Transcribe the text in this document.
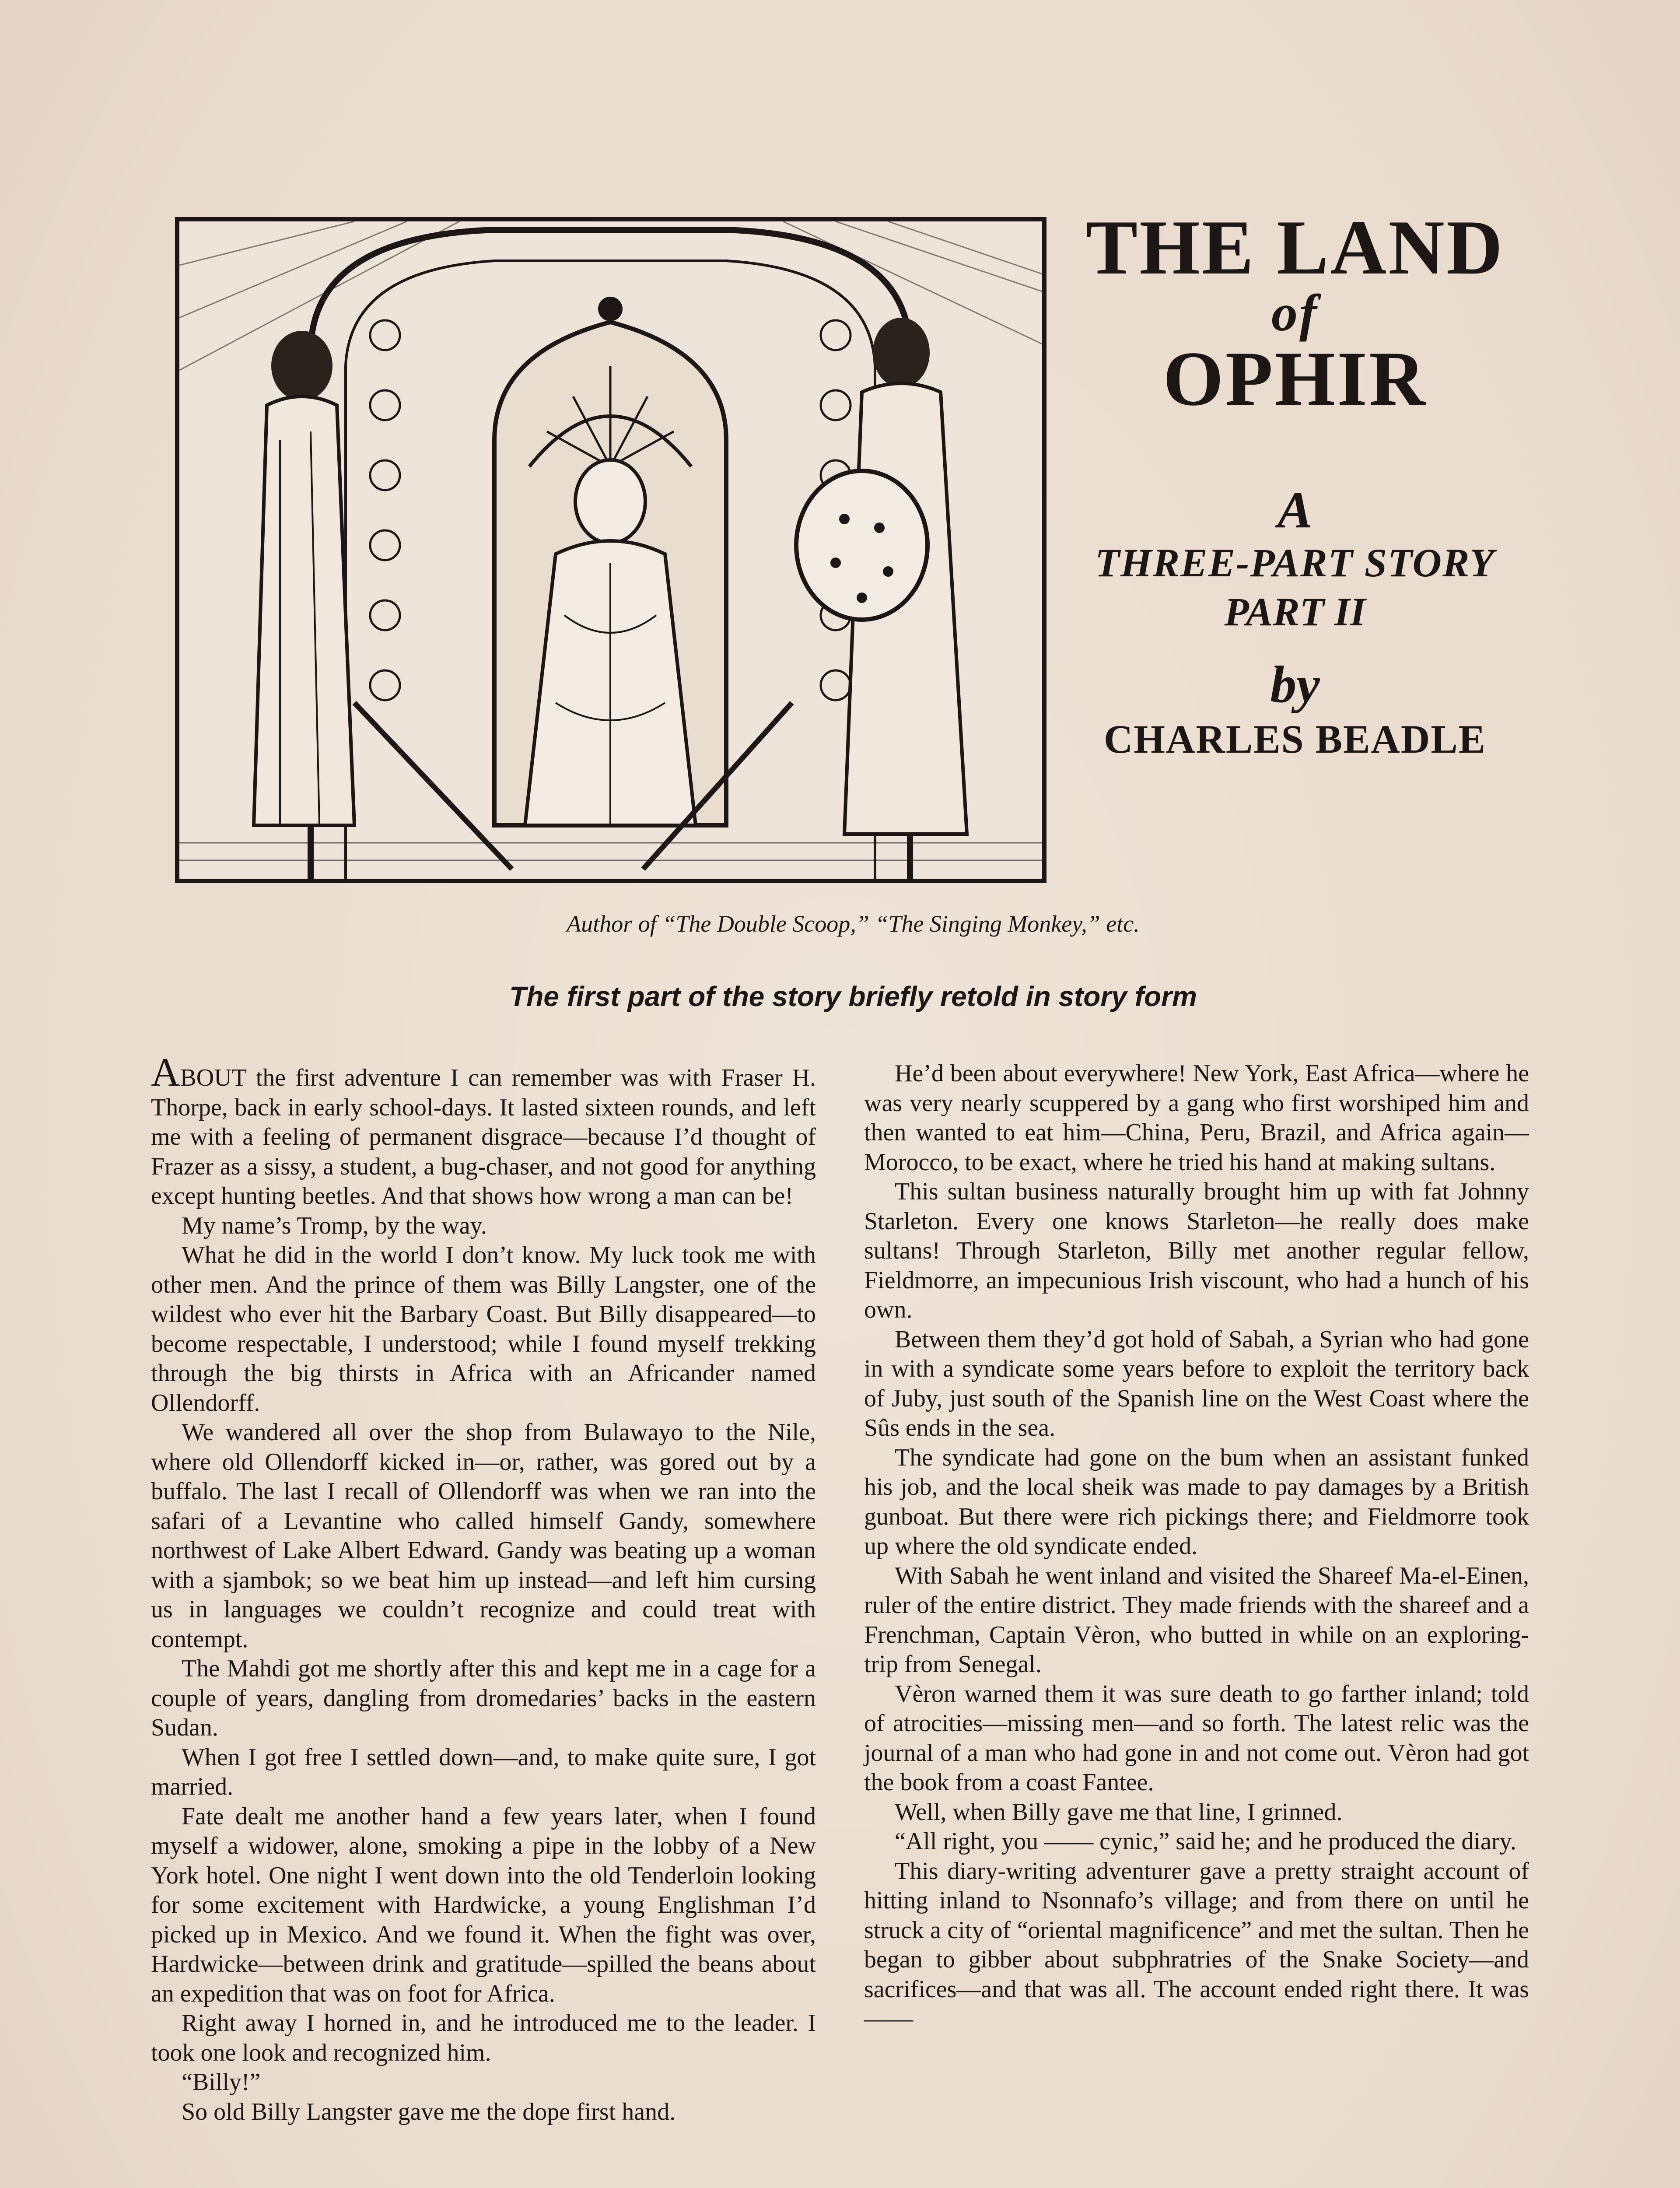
THE LAND
of
OPHIR
A
THREE-PART STORY
PART II
by
CHARLES BEADLE
Author of “The Double Scoop,” “The Singing Monkey,” etc.
The first part of the story briefly retold in story form

ABOUT the first adventure I can remember was with Fraser H. Thorpe, back in early school-days. It lasted sixteen rounds, and left me with a feeling of permanent disgrace—because I’d thought of Frazer as a sissy, a student, a bug-chaser, and not good for anything except hunting beetles. And that shows how wrong a man can be!

My name’s Tromp, by the way.

What he did in the world I don’t know. My luck took me with other men. And the prince of them was Billy Langster, one of the wildest who ever hit the Barbary Coast. But Billy disappeared—to become respectable, I understood; while I found myself trekking through the big thirsts in Africa with an Africander named Ollendorff.

We wandered all over the shop from Bulawayo to the Nile, where old Ollendorff kicked in—or, rather, was gored out by a buffalo. The last I recall of Ollendorff was when we ran into the safari of a Levantine who called himself Gandy, somewhere northwest of Lake Albert Edward. Gandy was beating up a woman with a sjambok; so we beat him up instead—and left him cursing us in languages we couldn’t recognize and could treat with contempt.

The Mahdi got me shortly after this and kept me in a cage for a couple of years, dangling from dromedaries’ backs in the eastern Sudan.

When I got free I settled down—and, to make quite sure, I got married.

Fate dealt me another hand a few years later, when I found myself a widower, alone, smoking a pipe in the lobby of a New York hotel. One night I went down into the old Tenderloin looking for some excitement with Hardwicke, a young Englishman I’d picked up in Mexico. And we found it. When the fight was over, Hardwicke—between drink and gratitude—spilled the beans about an expedition that was on foot for Africa.

Right away I horned in, and he introduced me to the leader. I took one look and recognized him.

“Billy!”

So old Billy Langster gave me the dope first hand.

He’d been about everywhere! New York, East Africa—where he was very nearly scuppered by a gang who first worshiped him and then wanted to eat him—China, Peru, Brazil, and Africa again—Morocco, to be exact, where he tried his hand at making sultans.

This sultan business naturally brought him up with fat Johnny Starleton. Every one knows Starleton—he really does make sultans! Through Starleton, Billy met another regular fellow, Fieldmorre, an impecunious Irish viscount, who had a hunch of his own.

Between them they’d got hold of Sabah, a Syrian who had gone in with a syndicate some years before to exploit the territory back of Juby, just south of the Spanish line on the West Coast where the Sûs ends in the sea.

The syndicate had gone on the bum when an assistant funked his job, and the local sheik was made to pay damages by a British gunboat. But there were rich pickings there; and Fieldmorre took up where the old syndicate ended.

With Sabah he went inland and visited the Shareef Ma-el-Einen, ruler of the entire district. They made friends with the shareef and a Frenchman, Captain Vèron, who butted in while on an exploring-trip from Senegal.

Vèron warned them it was sure death to go farther inland; told of atrocities—missing men—and so forth. The latest relic was the journal of a man who had gone in and not come out. Vèron had got the book from a coast Fantee.

Well, when Billy gave me that line, I grinned.

“All right, you —— cynic,” said he; and he produced the diary.

This diary-writing adventurer gave a pretty straight account of hitting inland to Nsonnafo’s village; and from there on until he struck a city of “oriental magnificence” and met the sultan. Then he began to gibber about subphratries of the Snake Society—and sacrifices—and that was all. The account ended right there. It was ——
